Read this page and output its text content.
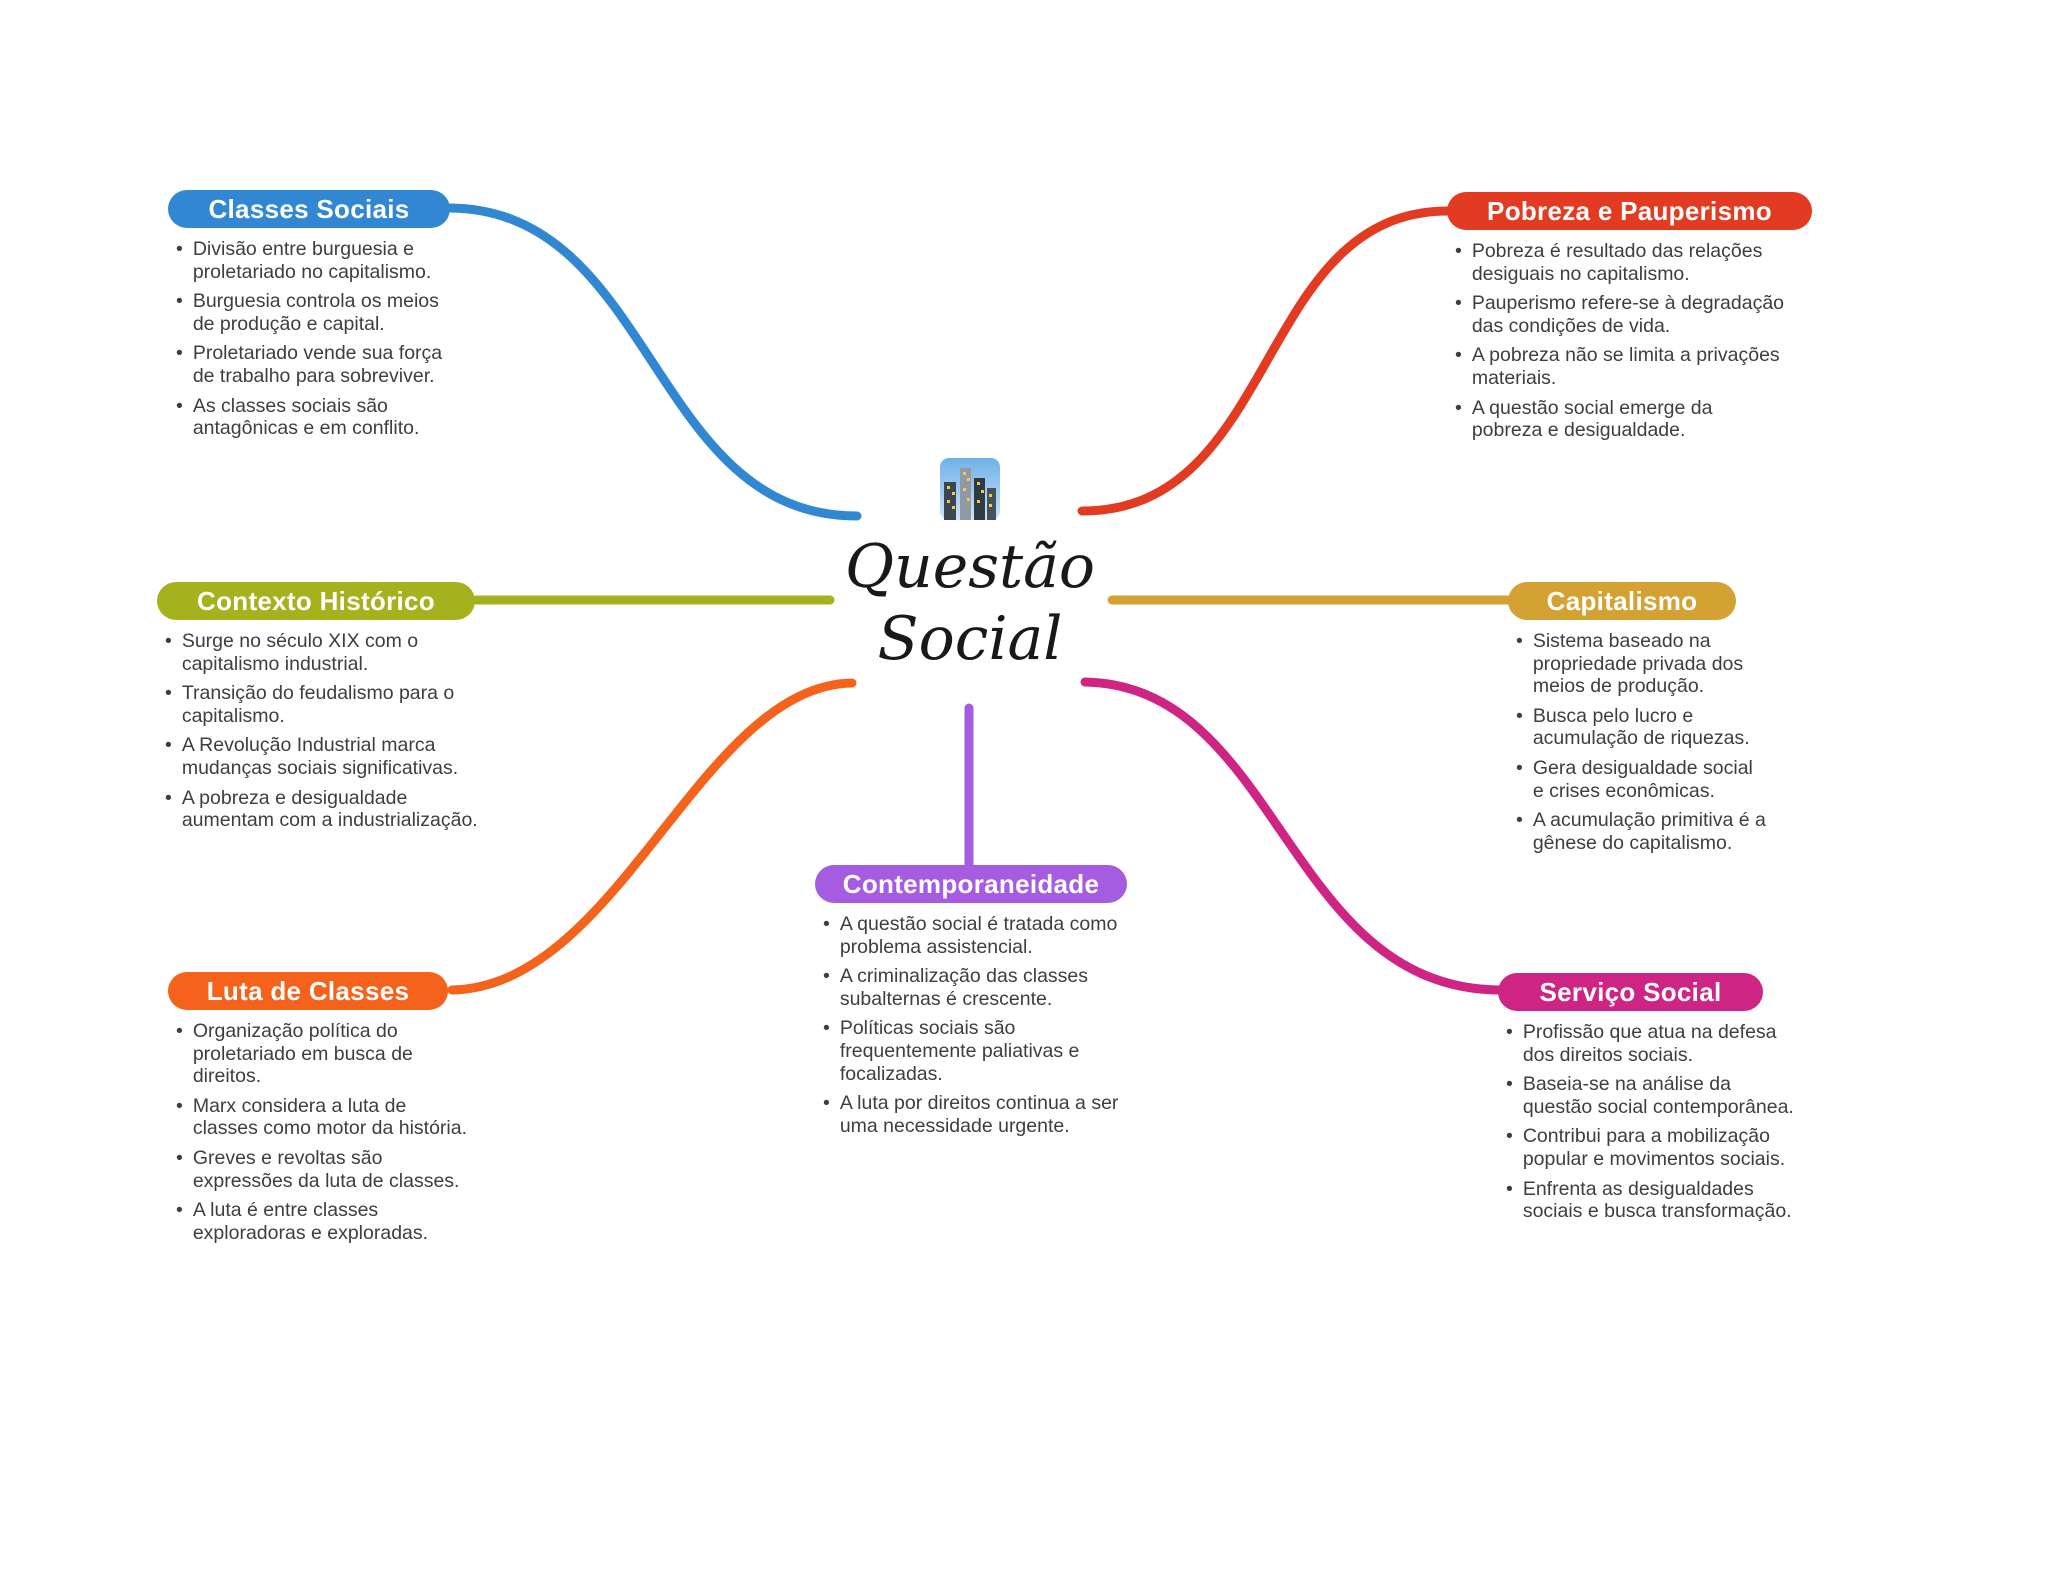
Questão
Social
Classes Sociais
• Divisão entre burguesia e proletariado no capitalismo.
• Burguesia controla os meios de produção e capital.
• Proletariado vende sua força de trabalho para sobreviver.
• As classes sociais são antagônicas e em conflito.
Pobreza e Pauperismo
• Pobreza é resultado das relações desiguais no capitalismo.
• Pauperismo refere-se à degradação das condições de vida.
• A pobreza não se limita a privações materiais.
• A questão social emerge da pobreza e desigualdade.
Contexto Histórico
• Surge no século XIX com o capitalismo industrial.
• Transição do feudalismo para o capitalismo.
• A Revolução Industrial marca mudanças sociais significativas.
• A pobreza e desigualdade aumentam com a industrialização.
Capitalismo
• Sistema baseado na propriedade privada dos meios de produção.
• Busca pelo lucro e acumulação de riquezas.
• Gera desigualdade social e crises econômicas.
• A acumulação primitiva é a gênese do capitalismo.
Luta de Classes
• Organização política do proletariado em busca de direitos.
• Marx considera a luta de classes como motor da história.
• Greves e revoltas são expressões da luta de classes.
• A luta é entre classes exploradoras e exploradas.
Contemporaneidade
• A questão social é tratada como problema assistencial.
• A criminalização das classes subalternas é crescente.
• Políticas sociais são frequentemente paliativas e focalizadas.
• A luta por direitos continua a ser uma necessidade urgente.
Serviço Social
• Profissão que atua na defesa dos direitos sociais.
• Baseia-se na análise da questão social contemporânea.
• Contribui para a mobilização popular e movimentos sociais.
• Enfrenta as desigualdades sociais e busca transformação.
